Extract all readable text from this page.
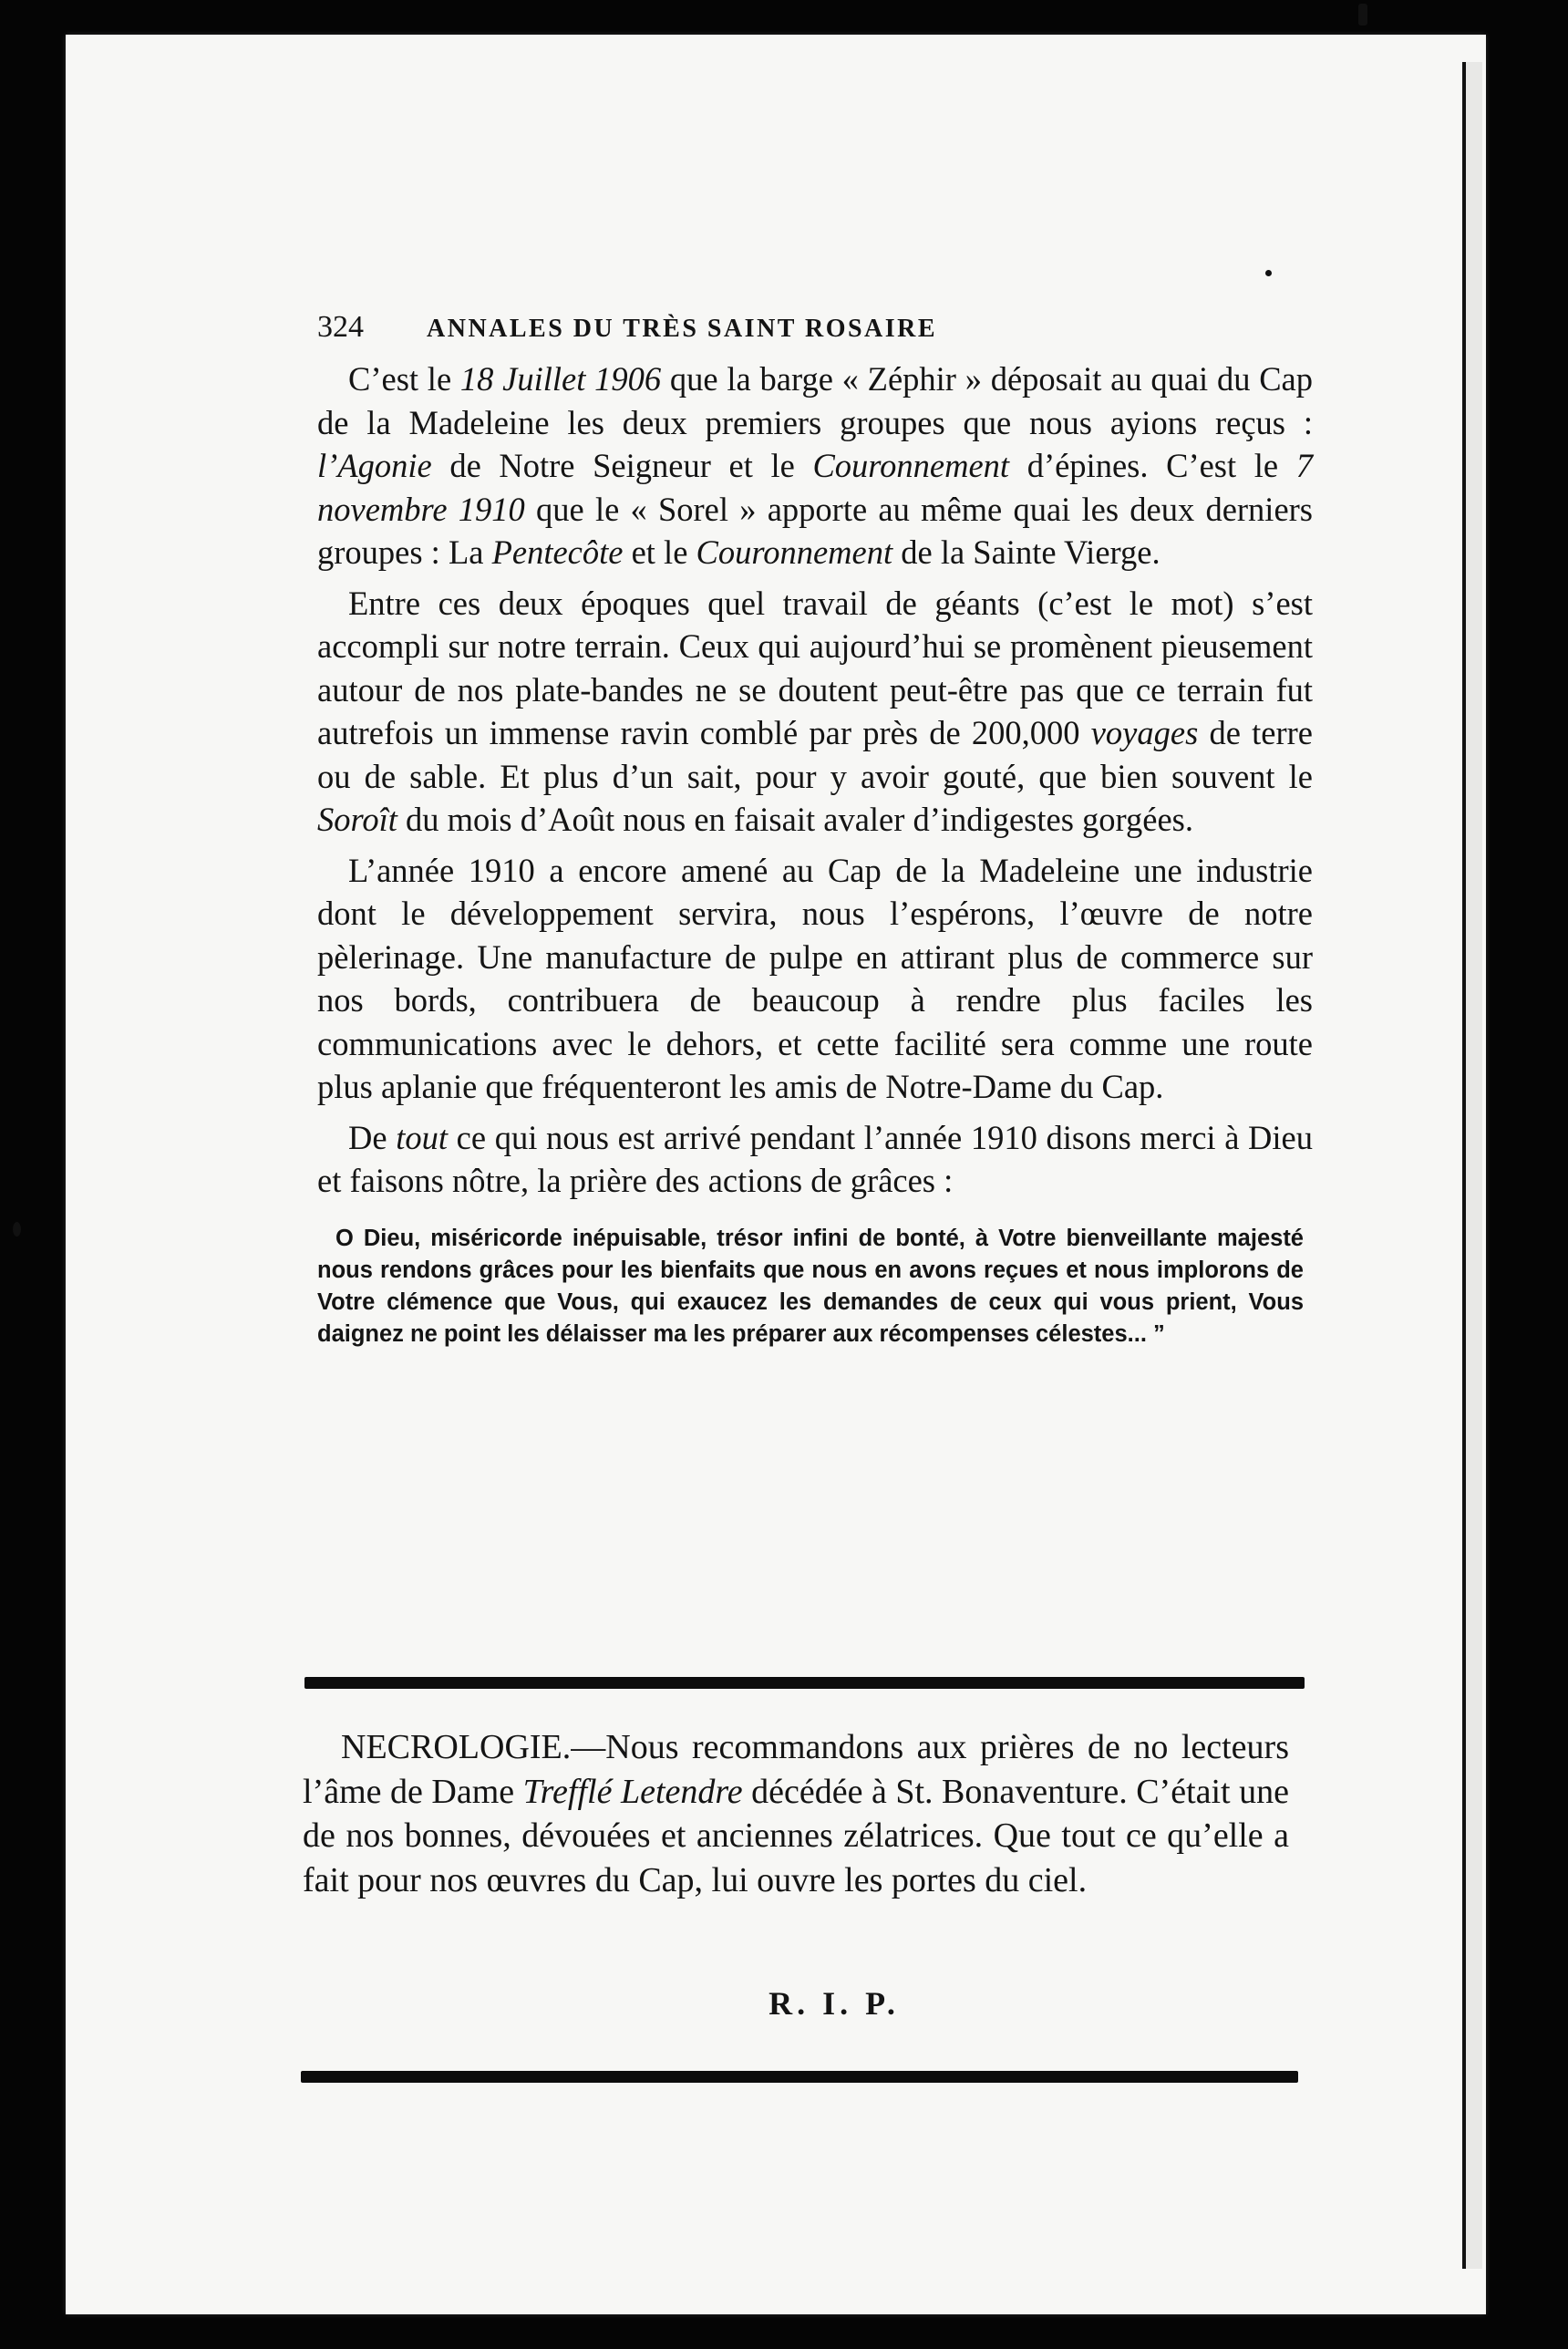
324	ANNALES DU TRÈS SAINT ROSAIRE

C’est le 18 Juillet 1906 que la barge « Zéphir » déposait au quai du Cap de la Madeleine les deux premiers groupes que nous ayions reçus : l’Agonie de Notre Seigneur et le Couronnement d’épines. C’est le 7 novembre 1910 que le « Sorel » apporte au même quai les deux derniers groupes : La Pentecôte et le Couronnement de la Sainte Vierge.

Entre ces deux époques quel travail de géants (c’est le mot) s’est accompli sur notre terrain. Ceux qui aujourd’hui se promènent pieusement autour de nos plate-bandes ne se doutent peut-être pas que ce terrain fut autrefois un immense ravin comblé par près de 200,000 voyages de terre ou de sable. Et plus d’un sait, pour y avoir gouté, que bien souvent le Soroît du mois d’Août nous en faisait avaler d’indigestes gorgées.

L’année 1910 a encore amené au Cap de la Madeleine une industrie dont le développement servira, nous l’espérons, l’œuvre de notre pèlerinage. Une manufacture de pulpe en attirant plus de commerce sur nos bords, contribuera de beaucoup à rendre plus faciles les communications avec le dehors, et cette facilité sera comme une route plus aplanie que fréquenteront les amis de Notre-Dame du Cap.

De tout ce qui nous est arrivé pendant l’année 1910 disons merci à Dieu et faisons nôtre, la prière des actions de grâces :

O Dieu, miséricorde inépuisable, trésor infini de bonté, à Votre bienveillante majesté nous rendons grâces pour les bienfaits que nous en avons reçues et nous implorons de Votre clémence que Vous, qui exaucez les demandes de ceux qui vous prient, Vous daignez ne point les délaisser ma les préparer aux récompenses célestes... ”

NECROLOGIE.—Nous recommandons aux prières de no lecteurs l’âme de Dame Trefflé Letendre décédée à St. Bonaventure. C’était une de nos bonnes, dévouées et anciennes zélatrices. Que tout ce qu’elle a fait pour nos œuvres du Cap, lui ouvre les portes du ciel.

R. I. P.
